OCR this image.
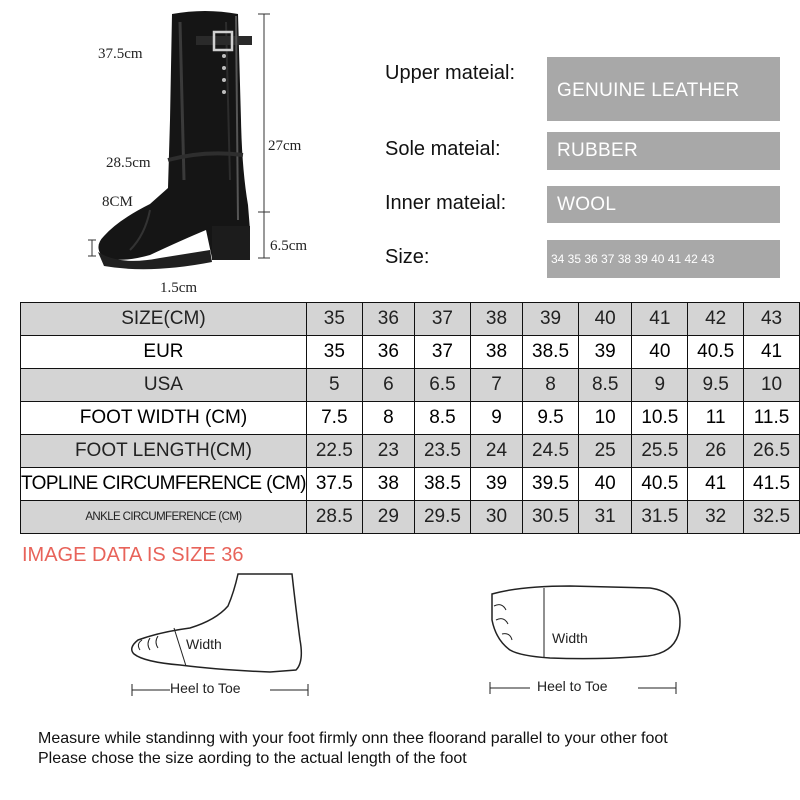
37.5cm
27cm
28.5cm
8CM
6.5cm
1.5cm
Upper mateial:
GENUINE LEATHER
Sole mateial:	RUBBER
Inner mateial:	WOOL
Size:	34 35 36 37 38 39 40 41 42 43
SIZE(CM)	35	36	37	38	39	40	41	42	43
EUR	35	36	37	38	38.5	39	40	40.5	41
USA	5	6	6.5	7	8	8.5	9	9.5	10
FOOT WIDTH (CM)	7.5	8	8.5	9	9.5	10	10.5	11	11.5
FOOT LENGTH(CM)	22.5	23	23.5	24	24.5	25	25.5	26	26.5
TOPLINE CIRCUMFERENCE (CM)	37.5	38	38.5	39	39.5	40	40.5	41	41.5
ANKLE CIRCUMFERENCE (CM)	28.5	29	29.5	30	30.5	31	31.5	32	32.5
IMAGE DATA IS SIZE 36
Width
Heel to Toe
Width
Heel to Toe
Measure while standinng with your foot firmly onn thee floorand parallel to your other foot
Please chose the size aording to the actual length of the foot
